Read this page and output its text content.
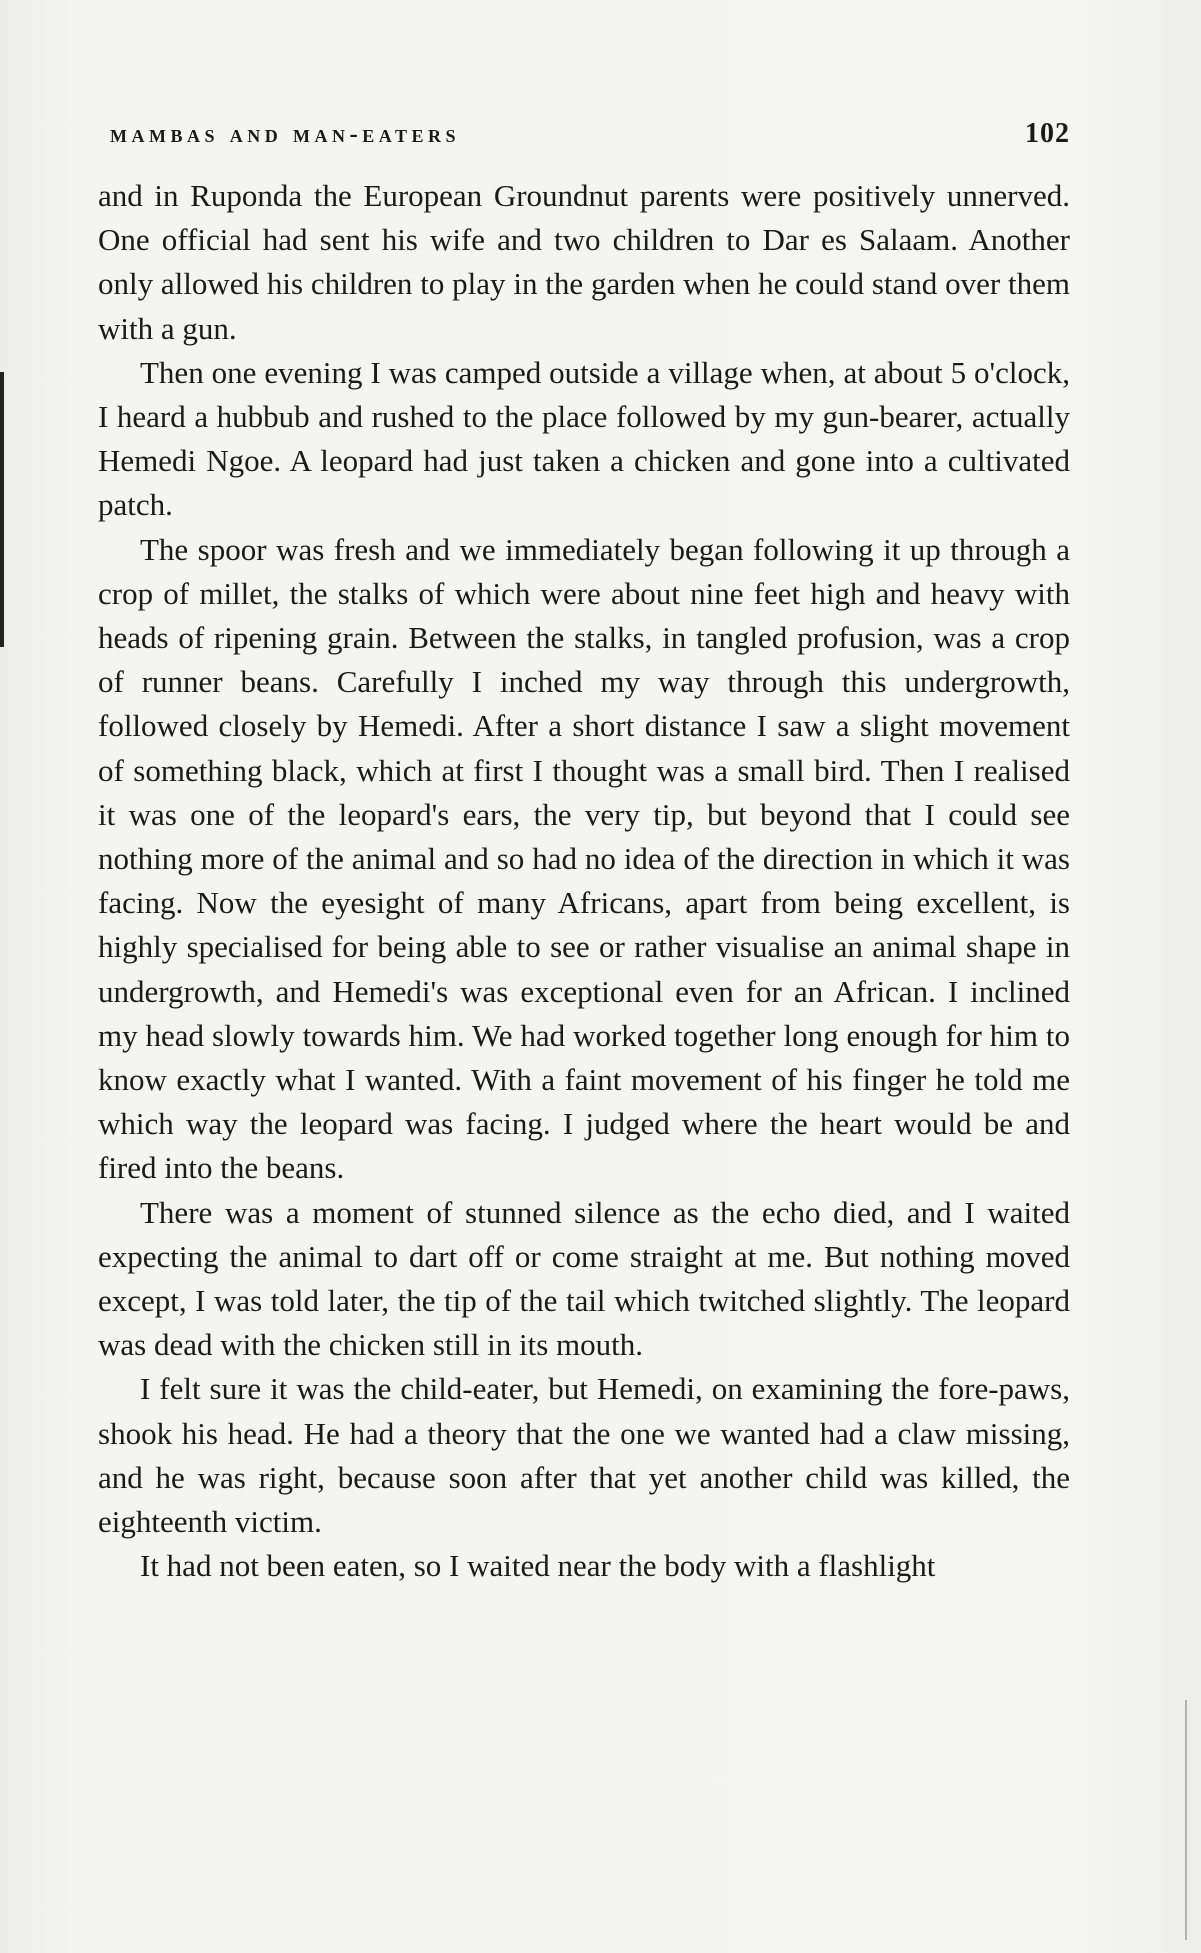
mambas and man-eaters	102

and in Ruponda the European Groundnut parents were positively unnerved. One official had sent his wife and two children to Dar es Salaam. Another only allowed his children to play in the garden when he could stand over them with a gun.

Then one evening I was camped outside a village when, at about 5 o'clock, I heard a hubbub and rushed to the place followed by my gun-bearer, actually Hemedi Ngoe. A leopard had just taken a chicken and gone into a cultivated patch.

The spoor was fresh and we immediately began following it up through a crop of millet, the stalks of which were about nine feet high and heavy with heads of ripening grain. Between the stalks, in tangled profusion, was a crop of runner beans. Carefully I inched my way through this undergrowth, followed closely by Hemedi. After a short distance I saw a slight movement of something black, which at first I thought was a small bird. Then I realised it was one of the leopard's ears, the very tip, but beyond that I could see nothing more of the animal and so had no idea of the direction in which it was facing. Now the eyesight of many Africans, apart from being excellent, is highly specialised for being able to see or rather visualise an animal shape in undergrowth, and Hemedi's was exceptional even for an African. I inclined my head slowly towards him. We had worked together long enough for him to know exactly what I wanted. With a faint movement of his finger he told me which way the leopard was facing. I judged where the heart would be and fired into the beans.

There was a moment of stunned silence as the echo died, and I waited expecting the animal to dart off or come straight at me. But nothing moved except, I was told later, the tip of the tail which twitched slightly. The leopard was dead with the chicken still in its mouth.

I felt sure it was the child-eater, but Hemedi, on examining the fore-paws, shook his head. He had a theory that the one we wanted had a claw missing, and he was right, because soon after that yet another child was killed, the eighteenth victim.

It had not been eaten, so I waited near the body with a flashlight
